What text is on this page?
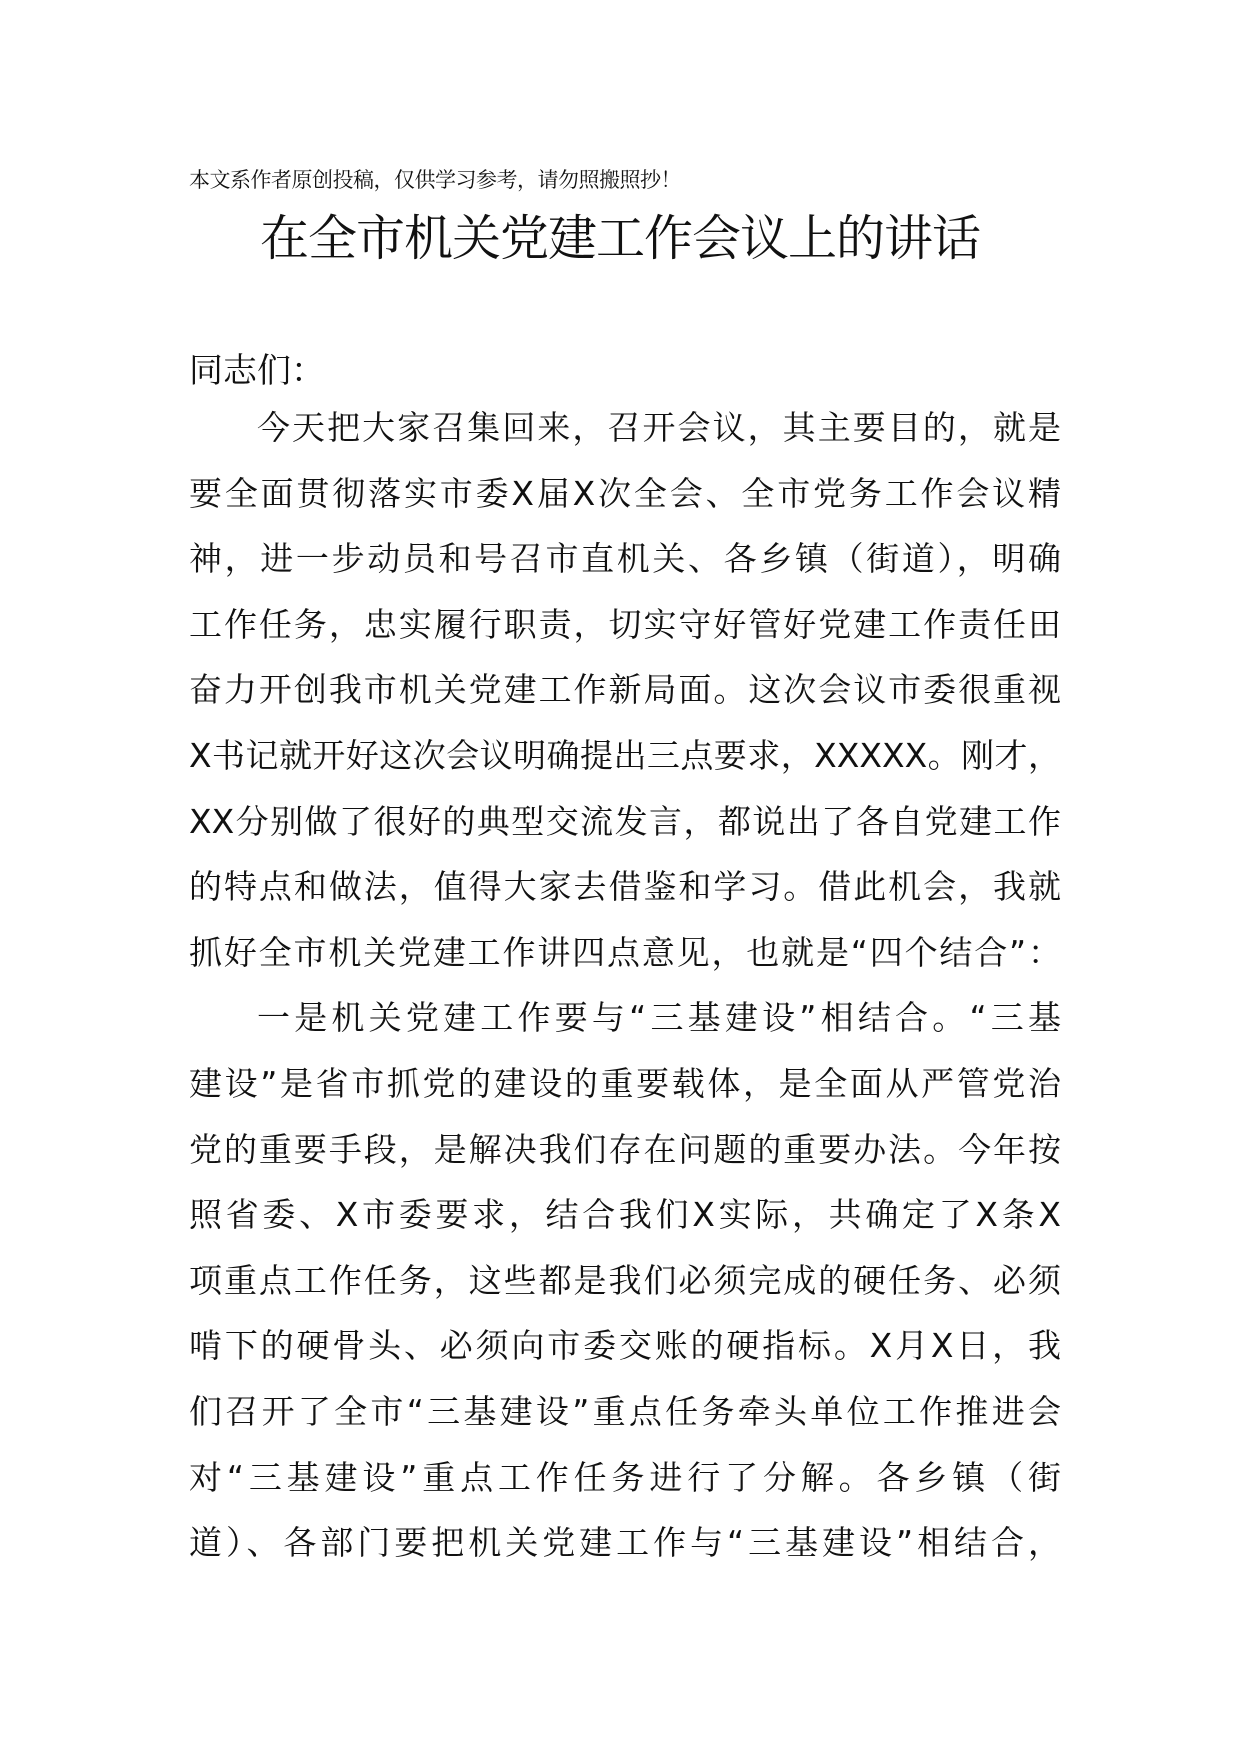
本文系作者原创投稿，仅供学习参考，请勿照搬照抄！
在全市机关党建工作会议上的讲话
同志们：
今天把大家召集回来，召开会议，其主要目的，就是
要全面贯彻落实市委X届X次全会、全市党务工作会议精
神，进一步动员和号召市直机关、各乡镇（街道），明确
工作任务，忠实履行职责，切实守好管好党建工作责任田
奋力开创我市机关党建工作新局面。这次会议市委很重视
X书记就开好这次会议明确提出三点要求，XXXXX。刚才，
XX分别做了很好的典型交流发言，都说出了各自党建工作
的特点和做法，值得大家去借鉴和学习。借此机会，我就
抓好全市机关党建工作讲四点意见，也就是“四个结合”：
一是机关党建工作要与“三基建设”相结合。“三基
建设”是省市抓党的建设的重要载体，是全面从严管党治
党的重要手段，是解决我们存在问题的重要办法。今年按
照省委、X市委要求，结合我们X实际，共确定了X条X
项重点工作任务，这些都是我们必须完成的硬任务、必须
啃下的硬骨头、必须向市委交账的硬指标。X月X日，我
们召开了全市“三基建设”重点任务牵头单位工作推进会
对“三基建设”重点工作任务进行了分解。各乡镇（街
道）、各部门要把机关党建工作与“三基建设”相结合，
